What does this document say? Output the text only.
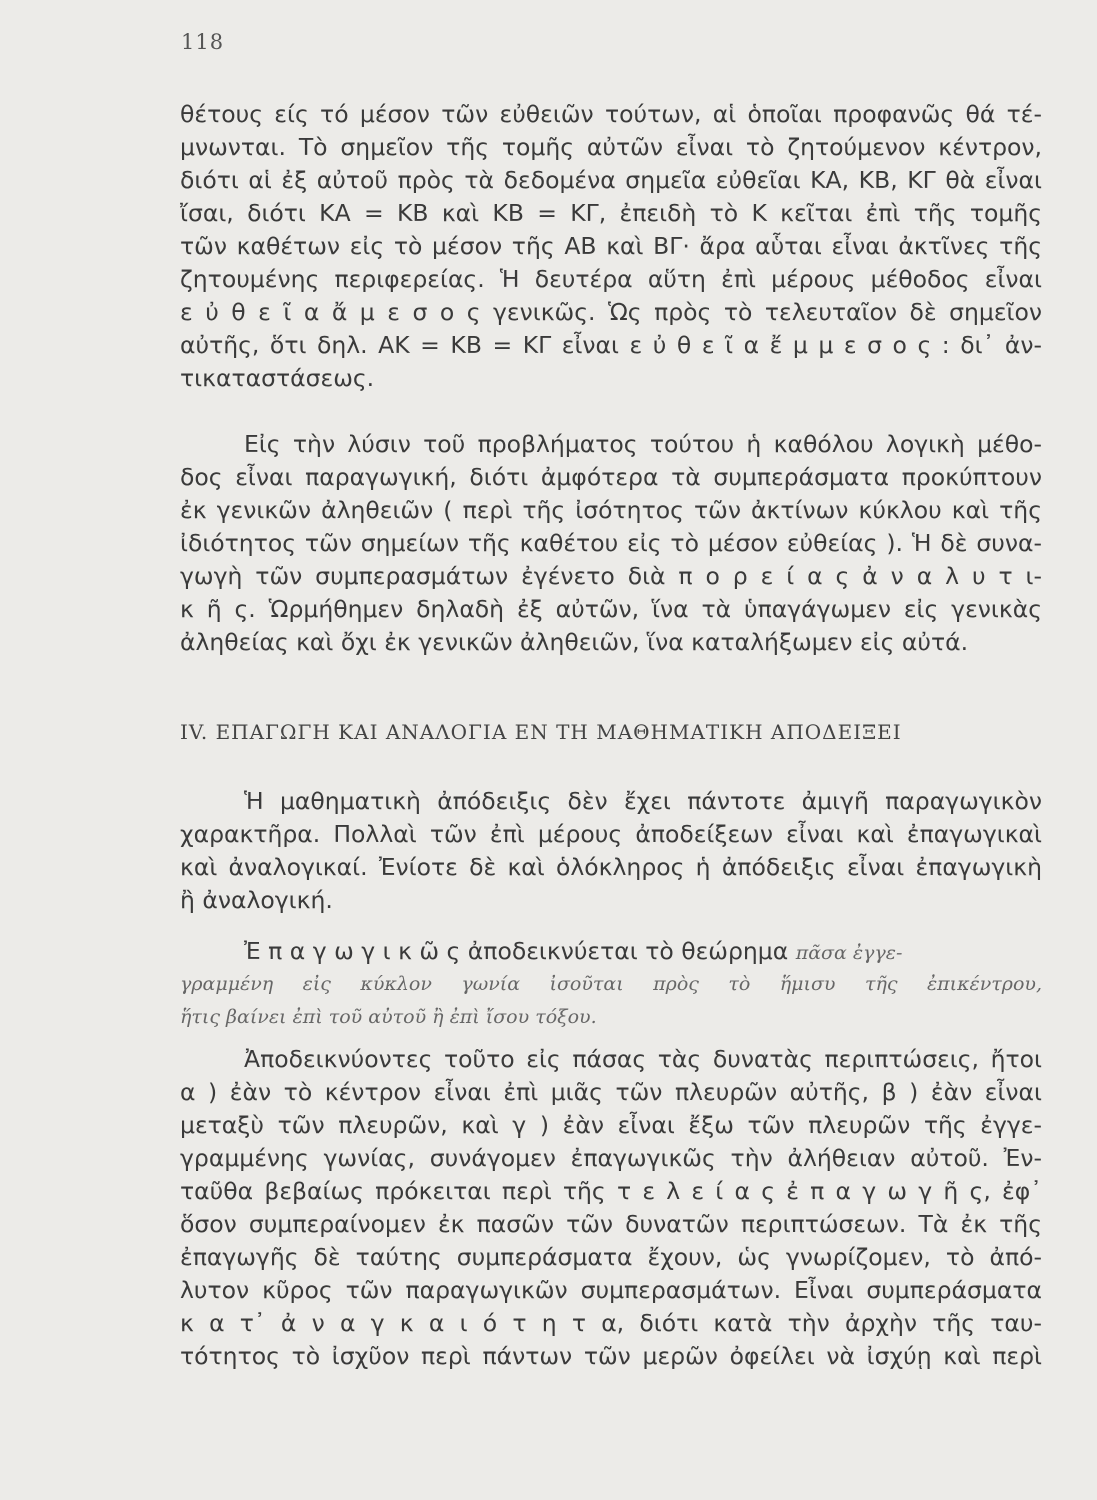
118
θέτους είς τό μέσον τῶν εὐθειῶν τούτων, αἱ ὁποῖαι προφανῶς θά τέ-
μνωνται. Τὸ σημεῖον τῆς τομῆς αὐτῶν εἶναι τὸ ζητούμενον κέντρον,
διότι αἱ ἐξ αὐτοῦ πρὸς τὰ δεδομένα σημεῖα εὐθεῖαι ΚΑ, ΚΒ, ΚΓ θὰ εἶναι
ἴσαι, διότι ΚΑ = ΚΒ καὶ ΚΒ = ΚΓ, ἐπειδὴ τὸ Κ κεῖται ἐπὶ τῆς τομῆς
τῶν καθέτων εἰς τὸ μέσον τῆς ΑΒ καὶ ΒΓ· ἄρα αὗται εἶναι ἀκτῖνες τῆς
ζητουμένης περιφερείας. Ἡ δευτέρα αὕτη ἐπὶ μέρους μέθοδος εἶναι
ε ὐ θ ε ῖ α ἄ μ ε σ ο ς γενικῶς. Ὡς πρὸς τὸ τελευταῖον δὲ σημεῖον
αὐτῆς, ὅτι δηλ. ΑΚ = ΚΒ = ΚΓ εἶναι ε ὐ θ ε ῖ α ἔ μ μ ε σ ο ς : δι᾽ ἀν-
τικαταστάσεως.
Εἰς τὴν λύσιν τοῦ προβλήματος τούτου ἡ καθόλου λογικὴ μέθο-
δος εἶναι παραγωγική, διότι ἀμφότερα τὰ συμπεράσματα προκύπτουν
ἐκ γενικῶν ἀληθειῶν ( περὶ τῆς ἰσότητος τῶν ἀκτίνων κύκλου καὶ τῆς
ἰδιότητος τῶν σημείων τῆς καθέτου εἰς τὸ μέσον εὐθείας ). Ἡ δὲ συνα-
γωγὴ τῶν συμπερασμάτων ἐγένετο διὰ π ο ρ ε ί α ς ἀ ν α λ υ τ ι-
κ ῆ ς. Ὡρμήθημεν δηλαδὴ ἐξ αὐτῶν, ἵνα τὰ ὑπαγάγωμεν εἰς γενικὰς
ἀληθείας καὶ ὄχι ἐκ γενικῶν ἀληθειῶν, ἵνα καταλήξωμεν εἰς αὐτά.
IV. ΕΠΑΓΩΓΗ ΚΑΙ ΑΝΑΛΟΓΙΑ ΕΝ ΤΗ ΜΑΘΗΜΑΤΙΚΗ ΑΠΟΔΕΙΞΕΙ
Ἡ μαθηματικὴ ἀπόδειξις δὲν ἔχει πάντοτε ἀμιγῆ παραγωγικὸν
χαρακτῆρα. Πολλαὶ τῶν ἐπὶ μέρους ἀποδείξεων εἶναι καὶ ἐπαγωγικαὶ
καὶ ἀναλογικαί. Ἐνίοτε δὲ καὶ ὁλόκληρος ἡ ἀπόδειξις εἶναι ἐπαγωγικὴ
ἢ ἀναλογική.
Ἐ π α γ ω γ ι κ ῶ ς ἀποδεικνύεται τὸ θεώρημα πᾶσα ἐγγε-
γραμμένη εἰς κύκλον γωνία ἰσοῦται πρὸς τὸ ἥμισυ τῆς ἐπικέντρου,
ἥτις βαίνει ἐπὶ τοῦ αὐτοῦ ἢ ἐπὶ ἴσου τόξου.
Ἀποδεικνύοντες τοῦτο εἰς πάσας τὰς δυνατὰς περιπτώσεις, ἤτοι
α ) ἐὰν τὸ κέντρον εἶναι ἐπὶ μιᾶς τῶν πλευρῶν αὐτῆς, β ) ἐὰν εἶναι
μεταξὺ τῶν πλευρῶν, καὶ γ ) ἐὰν εἶναι ἔξω τῶν πλευρῶν τῆς ἐγγε-
γραμμένης γωνίας, συνάγομεν ἐπαγωγικῶς τὴν ἀλήθειαν αὐτοῦ. Ἐν-
ταῦθα βεβαίως πρόκειται περὶ τῆς τ ε λ ε ί α ς ἐ π α γ ω γ ῆ ς, ἐφ᾽
ὅσον συμπεραίνομεν ἐκ πασῶν τῶν δυνατῶν περιπτώσεων. Τὰ ἐκ τῆς
ἐπαγωγῆς δὲ ταύτης συμπεράσματα ἔχουν, ὡς γνωρίζομεν, τὸ ἀπό-
λυτον κῦρος τῶν παραγωγικῶν συμπερασμάτων. Εἶναι συμπεράσματα
κ α τ᾽ ἀ ν α γ κ α ι ό τ η τ α, διότι κατὰ τὴν ἀρχὴν τῆς ταυ-
τότητος τὸ ἰσχῦον περὶ πάντων τῶν μερῶν ὀφείλει νὰ ἰσχύῃ καὶ περὶ
